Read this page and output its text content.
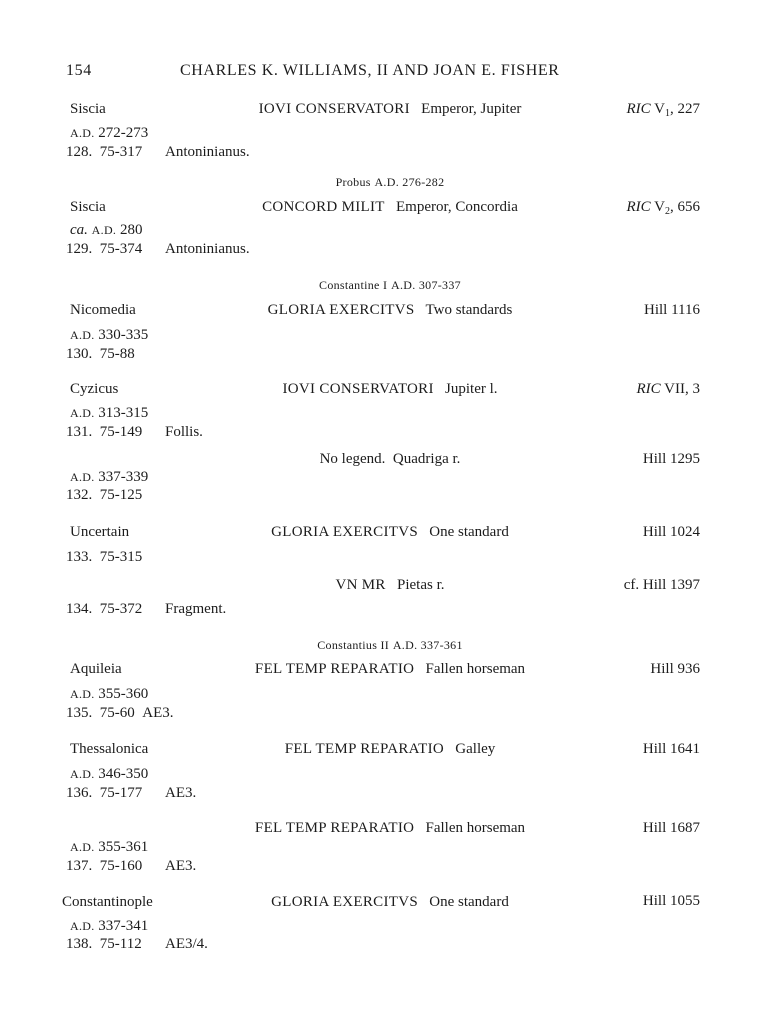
154	CHARLES K. WILLIAMS, II AND JOAN E. FISHER
Siscia	IOVI CONSERVATORI Emperor, Jupiter	RIC $V_1$, 227
A.D. 272-273
128. 75-317 Antoninianus.
Probus A.D. 276-282
Siscia	CONCORD MILIT Emperor, Concordia	RIC $V_2$, 656
ca. A.D. 280
129. 75-374 Antoninianus.
Constantine I A.D. 307-337
Nicomedia	GLORIA EXERCITVS Two standards	Hill 1116
A.D. 330-335
130. 75-88
Cyzicus	IOVI CONSERVATORI Jupiter l.	RIC VII, 3
A.D. 313-315
131. 75-149 Follis.
No legend. Quadriga r.	Hill 1295
A.D. 337-339
132. 75-125
Uncertain	GLORIA EXERCITVS One standard	Hill 1024
133. 75-315
VN MR Pietas r.	cf. Hill 1397
134. 75-372 Fragment.
Constantius II A.D. 337-361
Aquileia	FEL TEMP REPARATIO Fallen horseman	Hill 936
A.D. 355-360
135. 75-60 AE3.
Thessalonica	FEL TEMP REPARATIO Galley	Hill 1641
A.D. 346-350
136. 75-177 AE3.
FEL TEMP REPARATIO Fallen horseman	Hill 1687
A.D. 355-361
137. 75-160 AE3.
Constantinople	GLORIA EXERCITVS One standard	Hill 1055
A.D. 337-341
138. 75-112 AE3/4.
